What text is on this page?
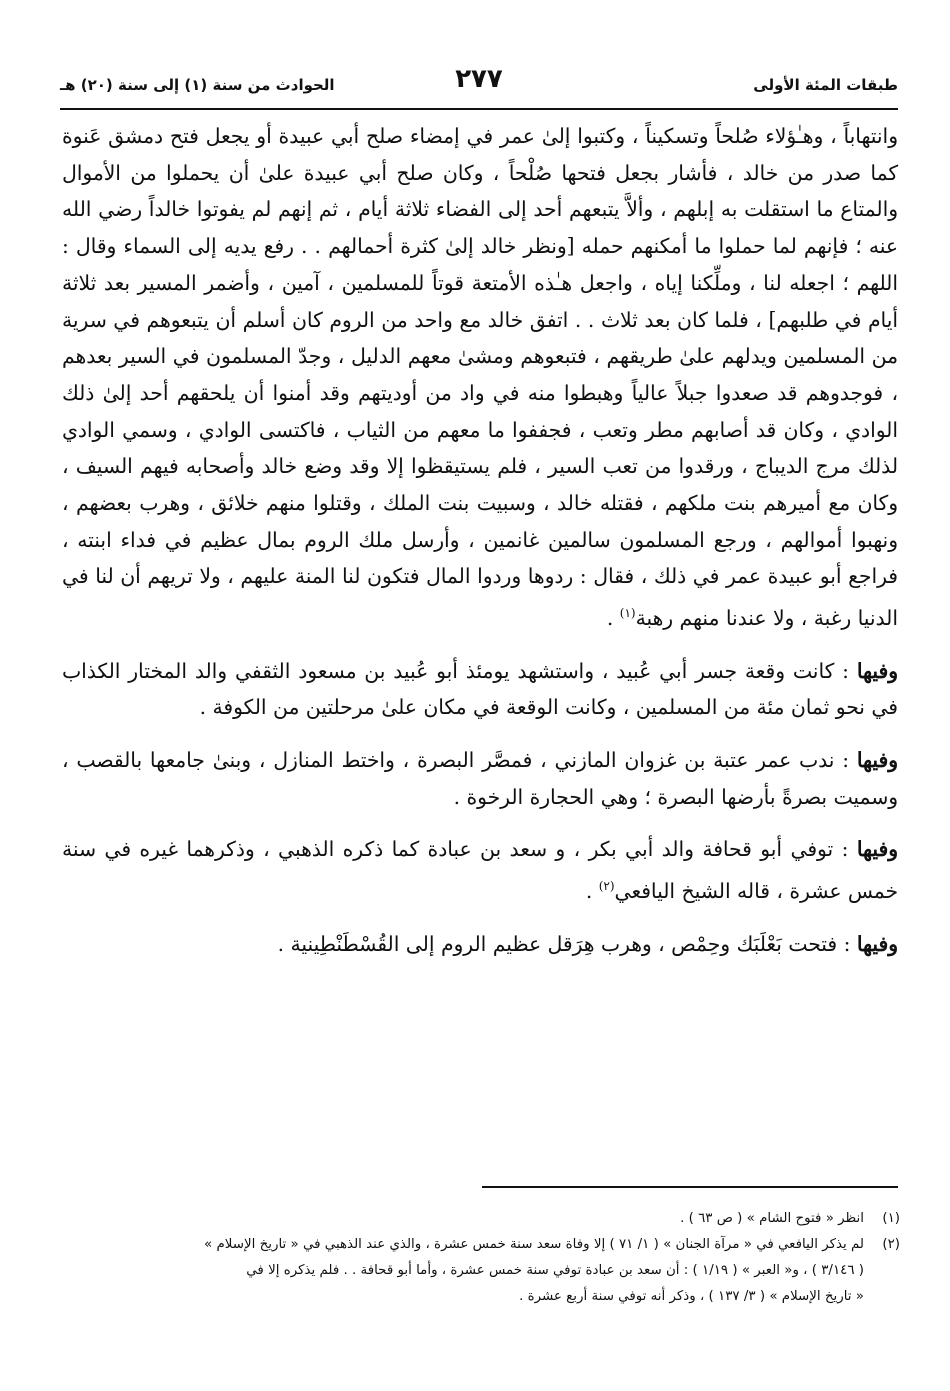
طبقات المئة الأولى
٢٧٧
الحوادث من سنة (١) إلى سنة (٢٠) هـ

وانتهاباً ، وهـٰؤلاء صُلحاً وتسكيناً ، وكتبوا إلىٰ عمر في إمضاء صلح أبي عبيدة أو يجعل فتح دمشق عَنوة كما صدر من خالد ، فأشار بجعل فتحها صُلْحاً ، وكان صلح أبي عبيدة علىٰ أن يحملوا من الأموال والمتاع ما استقلت به إبلهم ، وألاَّ يتبعهم أحد إلى الفضاء ثلاثة أيام ، ثم إنهم لم يفوتوا خالداً رضي الله عنه ؛ فإنهم لما حملوا ما أمكنهم حمله [ونظر خالد إلىٰ كثرة أحمالهم . . رفع يديه إلى السماء وقال : اللهم ؛ اجعله لنا ، وملِّكنا إياه ، واجعل هـٰذه الأمتعة قوتاً للمسلمين ، آمين ، وأضمر المسير بعد ثلاثة أيام في طلبهم] ، فلما كان بعد ثلاث . . اتفق خالد مع واحد من الروم كان أسلم أن يتبعوهم في سرية من المسلمين ويدلهم علىٰ طريقهم ، فتبعوهم ومشىٰ معهم الدليل ، وجدّ المسلمون في السير بعدهم ، فوجدوهم قد صعدوا جبلاً عالياً وهبطوا منه في واد من أوديتهم وقد أمنوا أن يلحقهم أحد إلىٰ ذلك الوادي ، وكان قد أصابهم مطر وتعب ، فجففوا ما معهم من الثياب ، فاكتسى الوادي ، وسمي الوادي لذلك مرج الديباج ، ورقدوا من تعب السير ، فلم يستيقظوا إلا وقد وضع خالد وأصحابه فيهم السيف ، وكان مع أميرهم بنت ملكهم ، فقتله خالد ، وسبيت بنت الملك ، وقتلوا منهم خلائق ، وهرب بعضهم ، ونهبوا أموالهم ، ورجع المسلمون سالمين غانمين ، وأرسل ملك الروم بمال عظيم في فداء ابنته ، فراجع أبو عبيدة عمر في ذلك ، فقال : ردوها وردوا المال فتكون لنا المنة عليهم ، ولا تريهم أن لنا في الدنيا رغبة ، ولا عندنا منهم رهبة$^{(١)}$ .

وفيها : كانت وقعة جسر أبي عُبيد ، واستشهد يومئذ أبو عُبيد بن مسعود الثقفي والد المختار الكذاب في نحو ثمان مئة من المسلمين ، وكانت الوقعة في مكان علىٰ مرحلتين من الكوفة .

وفيها : ندب عمر عتبة بن غزوان المازني ، فمصَّر البصرة ، واختط المنازل ، وبنىٰ جامعها بالقصب ، وسميت بصرةً بأرضها البصرة ؛ وهي الحجارة الرخوة .

وفيها : توفي أبو قحافة والد أبي بكر ، و سعد بن عبادة كما ذكره الذهبي ، وذكرهما غيره في سنة خمس عشرة ، قاله الشيخ اليافعي$^{(٢)}$ .

وفيها : فتحت بَعْلَبَك وحِمْص ، وهرب هِرَقل عظيم الروم إلى القُسْطَنْطِينية .

(١)
انظر « فتوح الشام » ( ص ٦٣ ) .
(٢)
لم يذكر اليافعي في « مرآة الجنان » ( ١/ ٧١ ) إلا وفاة سعد سنة خمس عشرة ، والذي عند الذهبي في « تاريخ الإسلام »
( ٣/١٤٦ ) ، و« العبر » ( ١/١٩ ) : أن سعد بن عبادة توفي سنة خمس عشرة ، وأما أبو قحافة . . فلم يذكره إلا في
« تاريخ الإسلام » ( ٣/ ١٣٧ ) ، وذكر أنه توفي سنة أربع عشرة .
